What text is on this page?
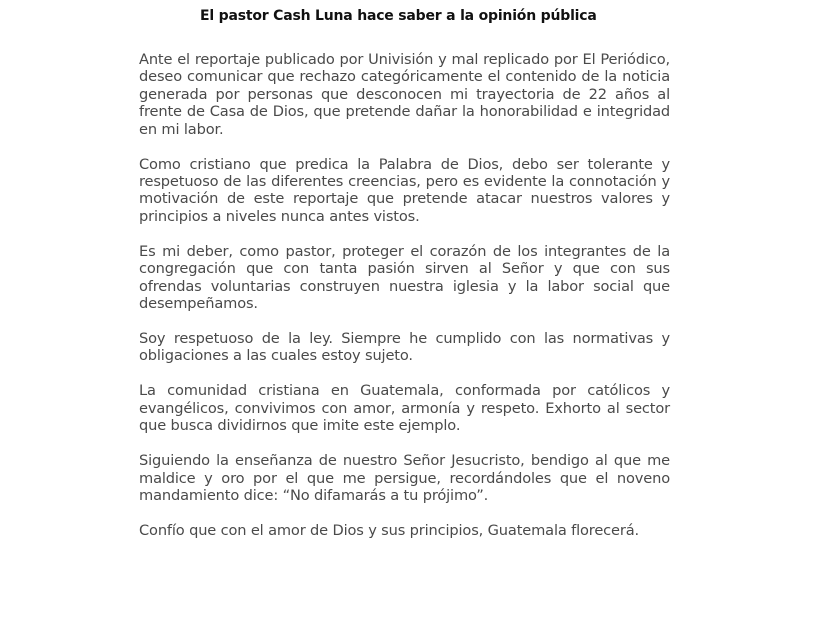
El pastor Cash Luna hace saber a la opinión pública

Ante el reportaje publicado por Univisión y mal replicado por El Periódico, deseo comunicar que rechazo categóricamente el contenido de la noticia generada por personas que desconocen mi trayectoria de 22 años al frente de Casa de Dios, que pretende dañar la honorabilidad e integridad en mi labor.

Como cristiano que predica la Palabra de Dios, debo ser tolerante y respetuoso de las diferentes creencias, pero es evidente la connotación y motivación de este reportaje que pretende atacar nuestros valores y principios a niveles nunca antes vistos.

Es mi deber, como pastor, proteger el corazón de los integrantes de la congregación que con tanta pasión sirven al Señor y que con sus ofrendas voluntarias construyen nuestra iglesia y la labor social que desempeñamos.

Soy respetuoso de la ley. Siempre he cumplido con las normativas y obligaciones a las cuales estoy sujeto.

La comunidad cristiana en Guatemala, conformada por católicos y evangélicos, convivimos con amor, armonía y respeto. Exhorto al sector que busca dividirnos que imite este ejemplo.

Siguiendo la enseñanza de nuestro Señor Jesucristo, bendigo al que me maldice y oro por el que me persigue, recordándoles que el noveno mandamiento dice: “No difamarás a tu prójimo”.

Confío que con el amor de Dios y sus principios, Guatemala florecerá.
